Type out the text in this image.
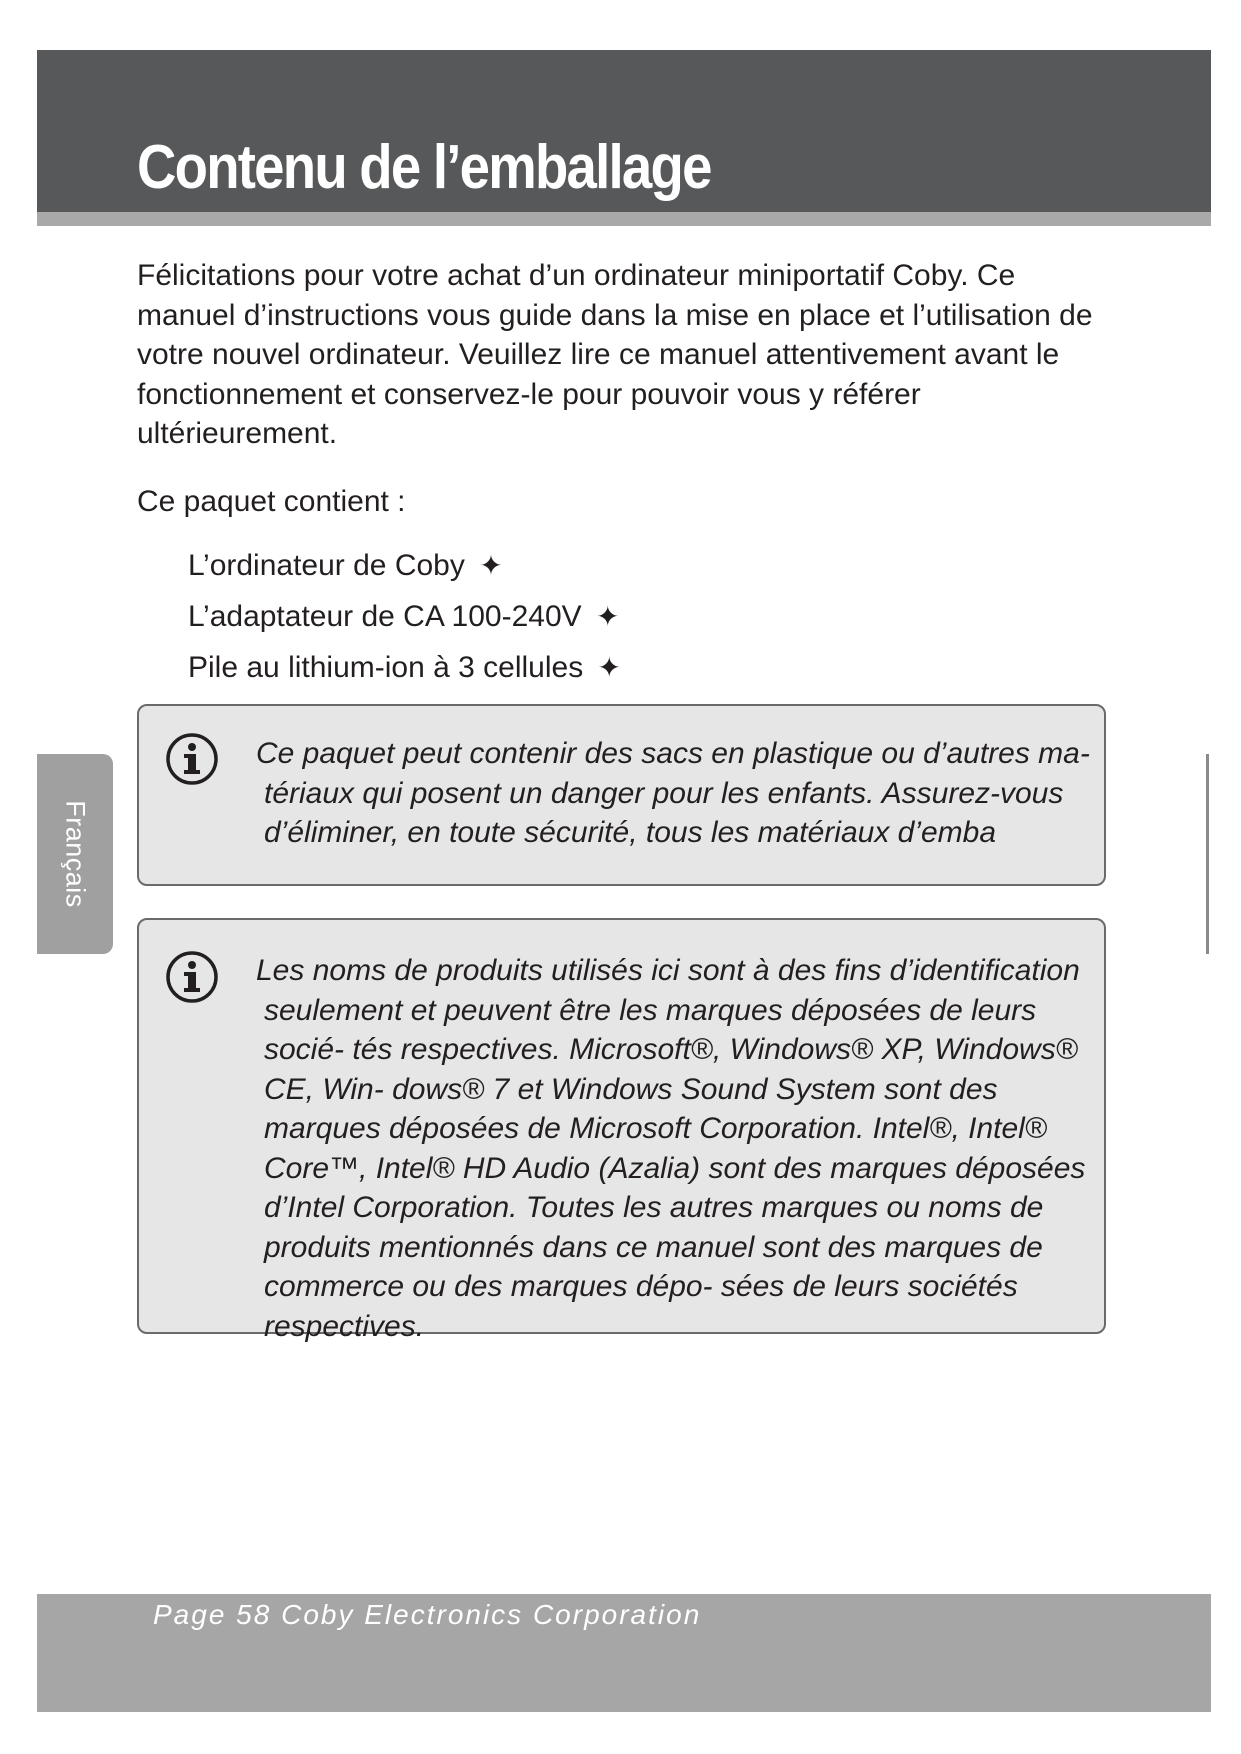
Contenu de l’emballage

Félicitations pour votre achat d’un ordinateur miniportatif Coby. Ce manuel d’instructions vous guide dans la mise en place et l’utilisation de votre nouvel ordinateur. Veuillez lire ce manuel attentivement avant le fonctionnement et conservez-le pour pouvoir vous y référer ultérieurement.

Ce paquet contient :

L’ordinateur de Coby ✦
L’adaptateur de CA 100-240V ✦
Pile au lithium-ion à 3 cellules ✦
Français

Ce paquet peut contenir des sacs en plastique ou d’autres ma- tériaux qui posent un danger pour les enfants. Assurez-vous d’éliminer, en toute sécurité, tous les matériaux d’emba

Les noms de produits utilisés ici sont à des fins d’identification seulement et peuvent être les marques déposées de leurs socié- tés respectives. Microsoft®, Windows® XP, Windows® CE, Win- dows® 7 et Windows Sound System sont des marques déposées de Microsoft Corporation. Intel®, Intel® Core™, Intel® HD Audio (Azalia) sont des marques déposées d’Intel Corporation. Toutes les autres marques ou noms de produits mentionnés dans ce manuel sont des marques de commerce ou des marques dépo- sées de leurs sociétés respectives.

Page 58 Coby Electronics Corporation
